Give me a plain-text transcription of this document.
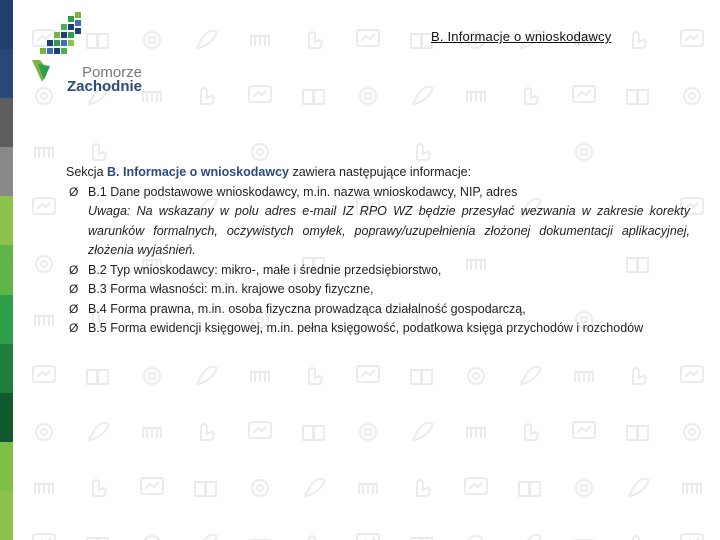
Pomorze
Zachodnie
B. Informacje o wnioskodawcy
Sekcja B. Informacje o wnioskodawcy zawiera następujące informacje:
Ø B.1 Dane podstawowe wnioskodawcy, m.in. nazwa wnioskodawcy, NIP, adres
Uwaga: Na wskazany w polu adres e-mail IZ RPO WZ będzie przesyłać wezwania w zakresie korekty warunków formalnych, oczywistych omyłek, poprawy/uzupełnienia złożonej dokumentacji aplikacyjnej, złożenia wyjaśnień.
Ø B.2 Typ wnioskodawcy: mikro-, małe i średnie przedsiębiorstwo,
Ø B.3 Forma własności: m.in. krajowe osoby fizyczne,
Ø B.4 Forma prawna, m.in. osoba fizyczna prowadząca działalność gospodarczą,
Ø B.5 Forma ewidencji księgowej, m.in. pełna księgowość, podatkowa księga przychodów i rozchodów
